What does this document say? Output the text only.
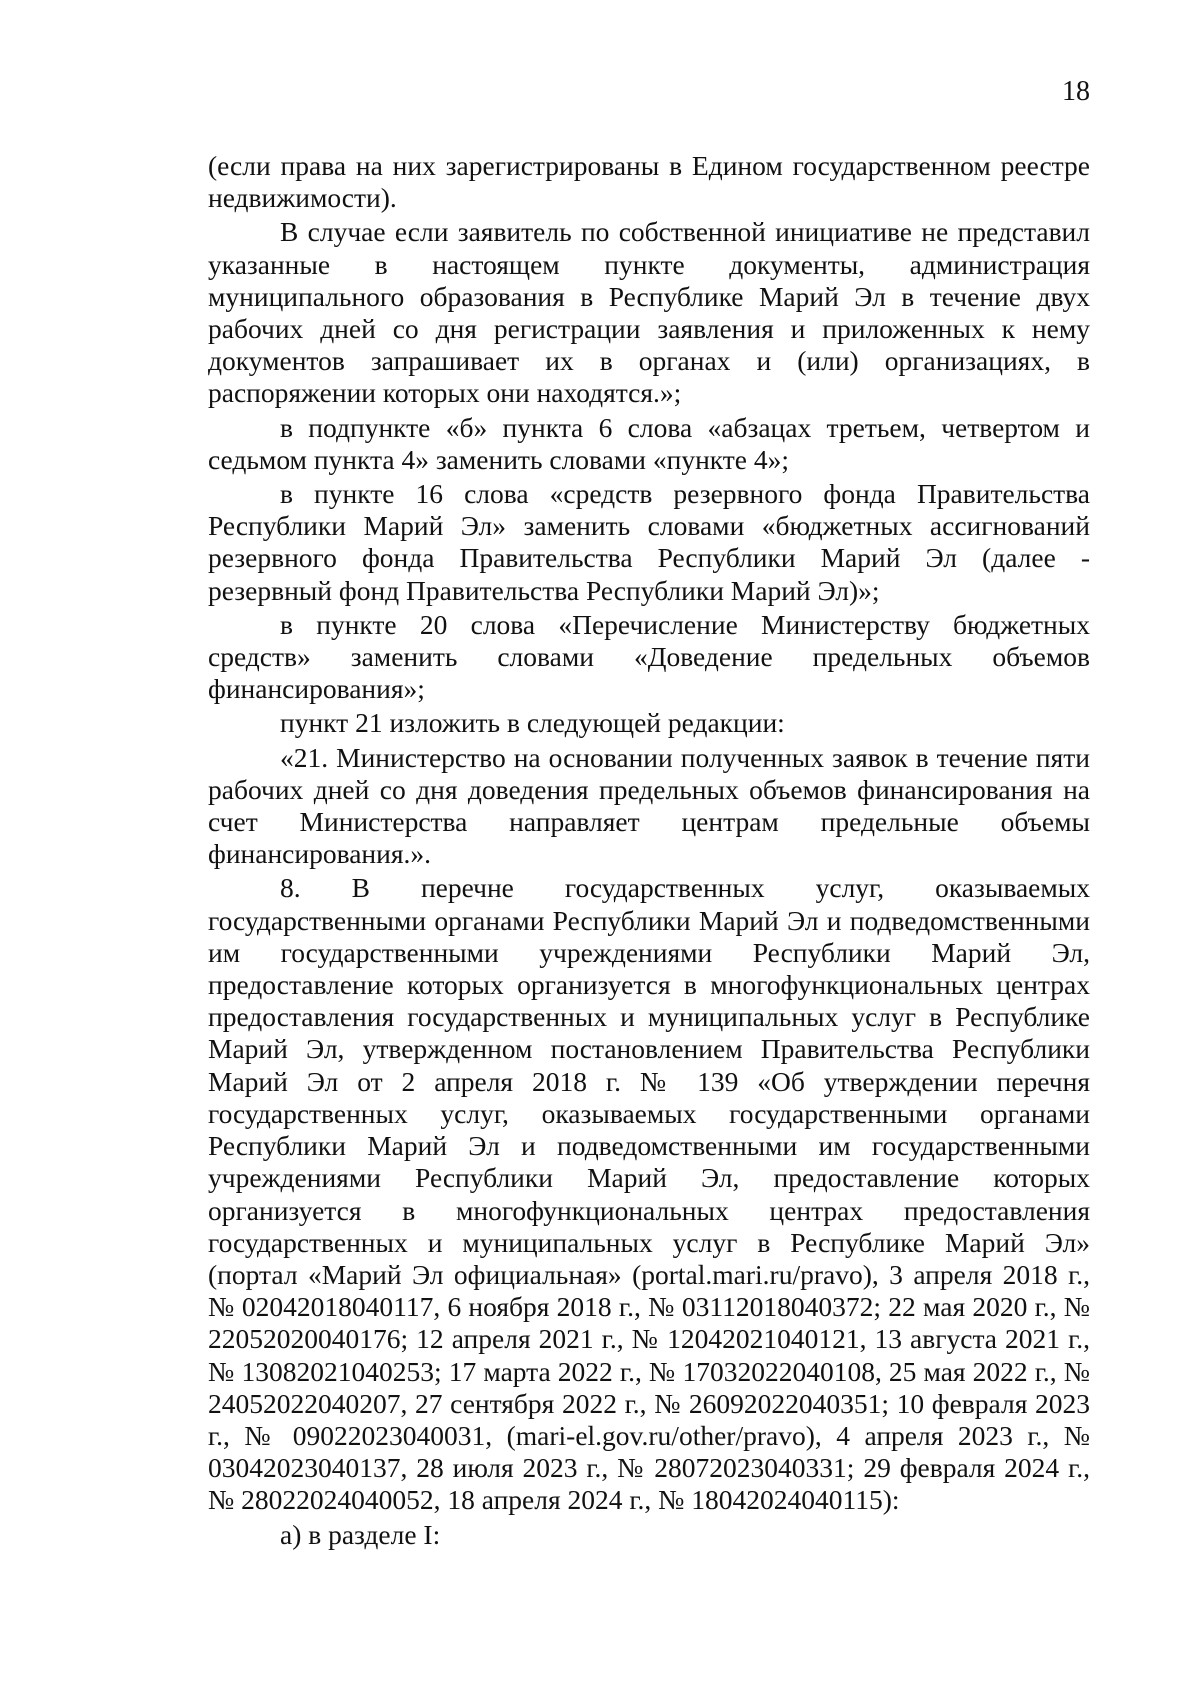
18

(если права на них зарегистрированы в Едином государственном реестре недвижимости).

В случае если заявитель по собственной инициативе не представил указанные в настоящем пункте документы, администрация муниципального образования в Республике Марий Эл в течение двух рабочих дней со дня регистрации заявления и приложенных к нему документов запрашивает их в органах и (или) организациях, в распоряжении которых они находятся.»;

в подпункте «б» пункта 6 слова «абзацах третьем, четвертом и седьмом пункта 4» заменить словами «пункте 4»;

в пункте 16 слова «средств резервного фонда Правительства Республики Марий Эл» заменить словами «бюджетных ассигнований резервного фонда Правительства Республики Марий Эл (далее - резервный фонд Правительства Республики Марий Эл)»;

в пункте 20 слова «Перечисление Министерству бюджетных средств» заменить словами «Доведение предельных объемов финансирования»;

пункт 21 изложить в следующей редакции:

«21. Министерство на основании полученных заявок в течение пяти рабочих дней со дня доведения предельных объемов финансирования на счет Министерства направляет центрам предельные объемы финансирования.».

8. В перечне государственных услуг, оказываемых государственными органами Республики Марий Эл и подведомственными им государственными учреждениями Республики Марий Эл, предоставление которых организуется в многофункциональных центрах предоставления государственных и муниципальных услуг в Республике Марий Эл, утвержденном постановлением Правительства Республики Марий Эл от 2 апреля 2018 г. № 139 «Об утверждении перечня государственных услуг, оказываемых государственными органами Республики Марий Эл и подведомственными им государственными учреждениями Республики Марий Эл, предоставление которых организуется в многофункциональных центрах предоставления государственных и муниципальных услуг в Республике Марий Эл» (портал «Марий Эл официальная» (portal.mari.ru/pravo), 3 апреля 2018 г., № 02042018040117, 6 ноября 2018 г., № 03112018040372; 22 мая 2020 г., № 22052020040176; 12 апреля 2021 г., № 12042021040121, 13 августа 2021 г., № 13082021040253; 17 марта 2022 г., № 17032022040108, 25 мая 2022 г., № 24052022040207, 27 сентября 2022 г., № 26092022040351; 10 февраля 2023 г., № 09022023040031, (mari-el.gov.ru/other/pravo), 4 апреля 2023 г., № 03042023040137, 28 июля 2023 г., № 28072023040331; 29 февраля 2024 г., № 28022024040052, 18 апреля 2024 г., № 18042024040115):

а) в разделе I:
